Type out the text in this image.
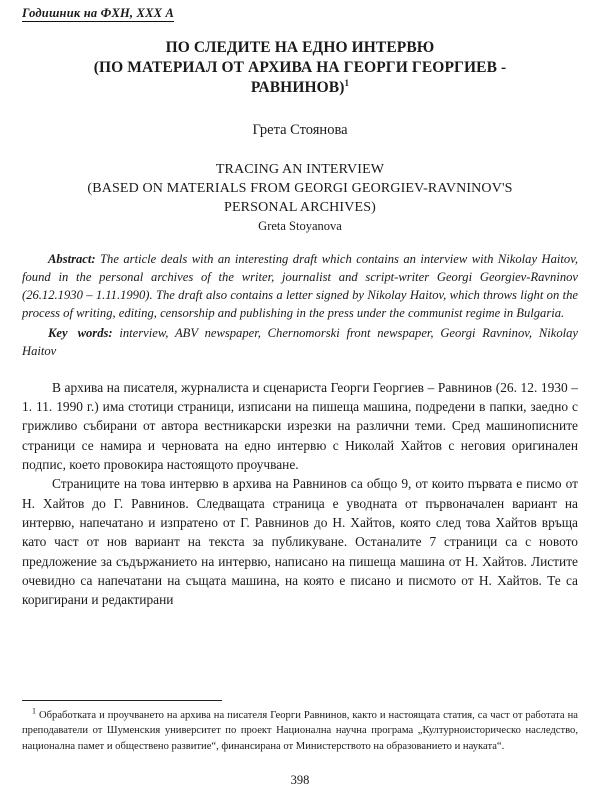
Годишник на ФХН, XXX А
ПО СЛЕДИТЕ НА ЕДНО ИНТЕРВЮ
(ПО МАТЕРИАЛ ОТ АРХИВА НА ГЕОРГИ ГЕОРГИЕВ -
РАВНИНОВ)$^1$
Грета Стоянова
TRACING AN INTERVIEW
(BASED ON MATERIALS FROM GEORGI GEORGIEV-RAVNINOV'S
PERSONAL ARCHIVES)
Greta Stoyanova
Abstract: The article deals with an interesting draft which contains an interview with Nikolay Haitov, found in the personal archives of the writer, journalist and script-writer Georgi Georgiev-Ravninov (26.12.1930 – 1.11.1990). The draft also contains a letter signed by Nikolay Haitov, which throws light on the process of writing, editing, censorship and publishing in the press under the communist regime in Bulgaria.
Key words: interview, ABV newspaper, Chernomorski front newspaper, Georgi Ravninov, Nikolay Haitov
В архива на писателя, журналиста и сценариста Георги Георгиев – Равнинов (26. 12. 1930 – 1. 11. 1990 г.) има стотици страници, изписани на пишеща машина, подредени в папки, заедно с грижливо събирани от автора вестникарски изрезки на различни теми. Сред машинописните страници се намира и черновата на едно интервю с Николай Хайтов с неговия оригинален подпис, което провокира настоящото проучване.
Страниците на това интервю в архива на Равнинов са общо 9, от които първата е писмо от Н. Хайтов до Г. Равнинов. Следващата страница е уводната от първоначален вариант на интервю, напечатано и изпратено от Г. Равнинов до Н. Хайтов, която след това Хайтов връща като част от нов вариант на текста за публикуване. Останалите 7 страници са с новото предложение за съдържанието на интервю, написано на пишеща машина от Н. Хайтов. Листите очевидно са напечатани на същата машина, на която е писано и писмото от Н. Хайтов. Те са коригирани и редактирани
$^1$ Обработката и проучването на архива на писателя Георги Равнинов, както и настоящата статия, са част от работата на преподаватели от Шуменския университет по проект Национална научна програма „Културноисторическо наследство, национална памет и обществено развитие“, финансирана от Министерството на образованието и науката“.
398
